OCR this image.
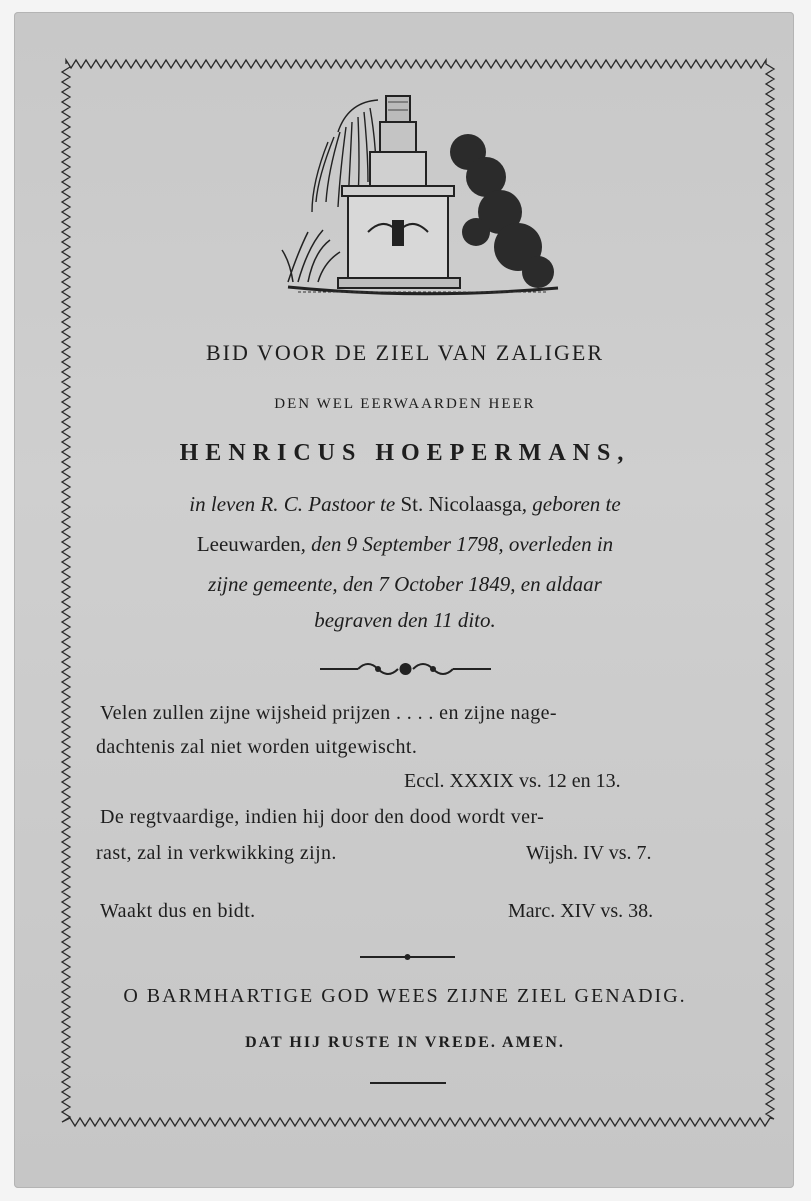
BID VOOR DE ZIEL VAN ZALIGER
DEN WEL EERWAARDEN HEER
HENRICUS HOEPERMANS,
in leven R. C. Pastoor te St. Nicolaasga, geboren te
Leeuwarden, den 9 September 1798, overleden in
zijne gemeente, den 7 October 1849, en aldaar
begraven den 11 dito.
Velen zullen zijne wijsheid prijzen . . . . en zijne nage-
dachtenis zal niet worden uitgewischt.
Eccl. XXXIX vs. 12 en 13.
De regtvaardige, indien hij door den dood wordt ver-
rast, zal in verkwikking zijn.	Wijsh. IV vs. 7.
Waakt dus en bidt.	Marc. XIV vs. 38.
O BARMHARTIGE GOD WEES ZIJNE ZIEL GENADIG.
DAT HIJ RUSTE IN VREDE. AMEN.
